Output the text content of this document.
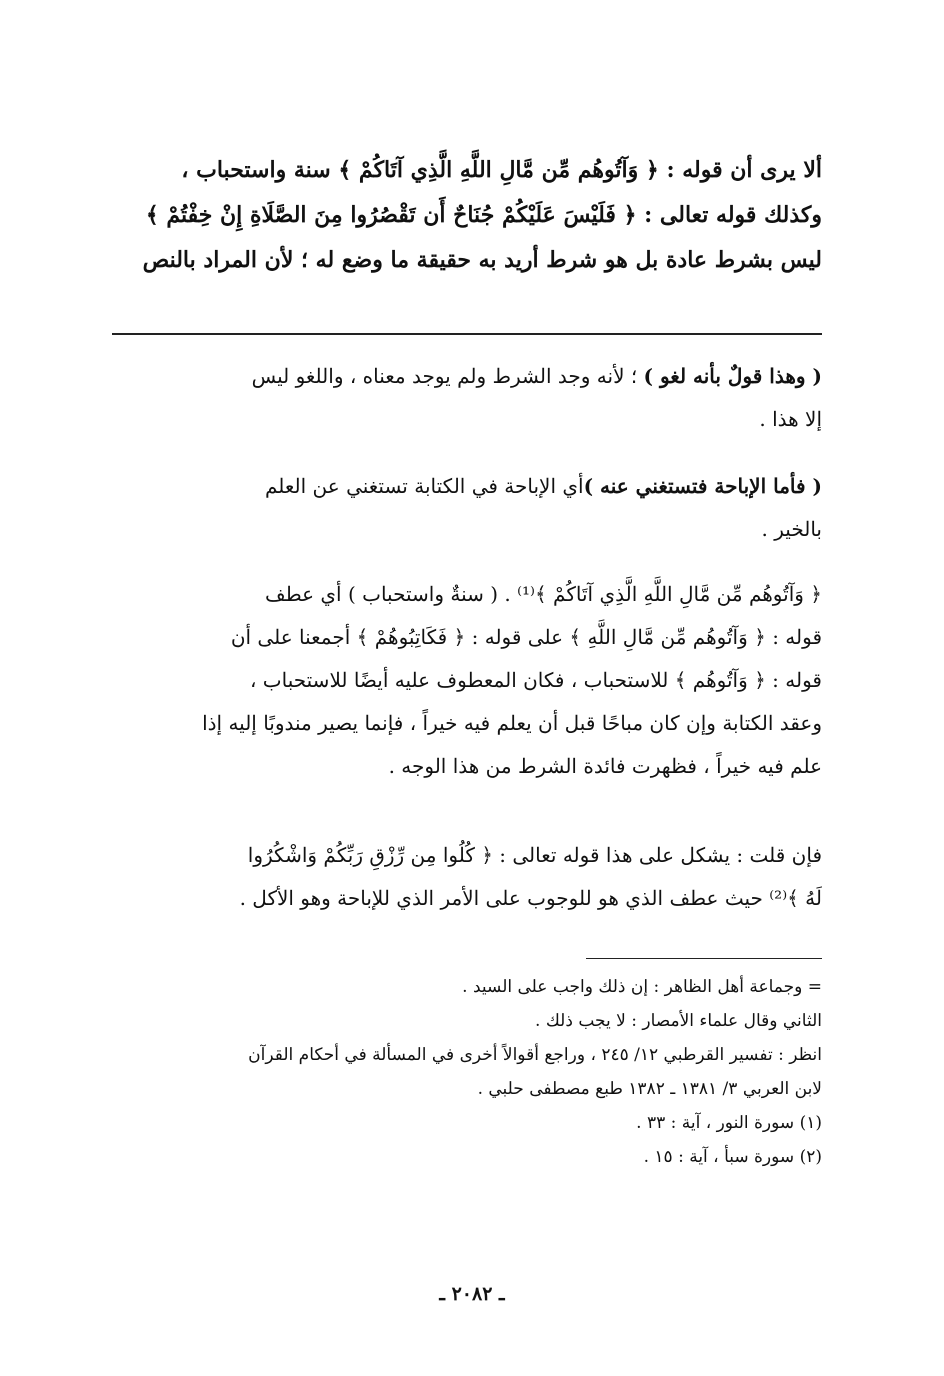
ألا يرى أن قوله : ﴿ وَآتُوهُم مِّن مَّالِ اللَّهِ الَّذِي آتَاكُمْ ﴾ سنة واستحباب ،
وكذلك قوله تعالى : ﴿ فَلَيْسَ عَلَيْكُمْ جُنَاحٌ أَن تَقْصُرُوا مِنَ الصَّلَاةِ إِنْ خِفْتُمْ ﴾
ليس بشرط عادة بل هو شرط أريد به حقيقة ما وضع له ؛ لأن المراد بالنص
( وهذا قولٌ بأنه لغو ) ؛ لأنه وجد الشرط ولم يوجد معناه ، واللغو ليس
إلا هذا .
( فأما الإباحة فتستغني عنه )أي الإباحة في الكتابة تستغني عن العلم
بالخير .
﴿ وَآتُوهُم مِّن مَّالِ اللَّهِ الَّذِي آتَاكُمْ ﴾⁽¹⁾ . ( سنةٌ واستحباب ) أي عطف
قوله : ﴿ وَآتُوهُم مِّن مَّالِ اللَّهِ ﴾ على قوله : ﴿ فَكَاتِبُوهُمْ ﴾ أجمعنا على أن
قوله : ﴿ وَآتُوهُم ﴾ للاستحباب ، فكان المعطوف عليه أيضًا للاستحباب ،
وعقد الكتابة وإن كان مباحًا قبل أن يعلم فيه خيراً ، فإنما يصير مندوبًا إليه إذا
علم فيه خيراً ، فظهرت فائدة الشرط من هذا الوجه .
فإن قلت : يشكل على هذا قوله تعالى : ﴿ كُلُوا مِن رِّزْقِ رَبِّكُمْ وَاشْكُرُوا
لَهُ ﴾⁽²⁾ حيث عطف الذي هو للوجوب على الأمر الذي للإباحة وهو الأكل .
= وجماعة أهل الظاهر : إن ذلك واجب على السيد .
الثاني وقال علماء الأمصار : لا يجب ذلك .
انظر : تفسير القرطبي ١٢/ ٢٤٥ ، وراجع أقوالاً أخرى في المسألة في أحكام القرآن
لابن العربي ٣/ ١٣٨١ ـ ١٣٨٢ طبع مصطفى حلبي .
(١) سورة النور ، آية : ٣٣ .
(٢) سورة سبأ ، آية : ١٥ .
ـ ٢٠٨٢ ـ
